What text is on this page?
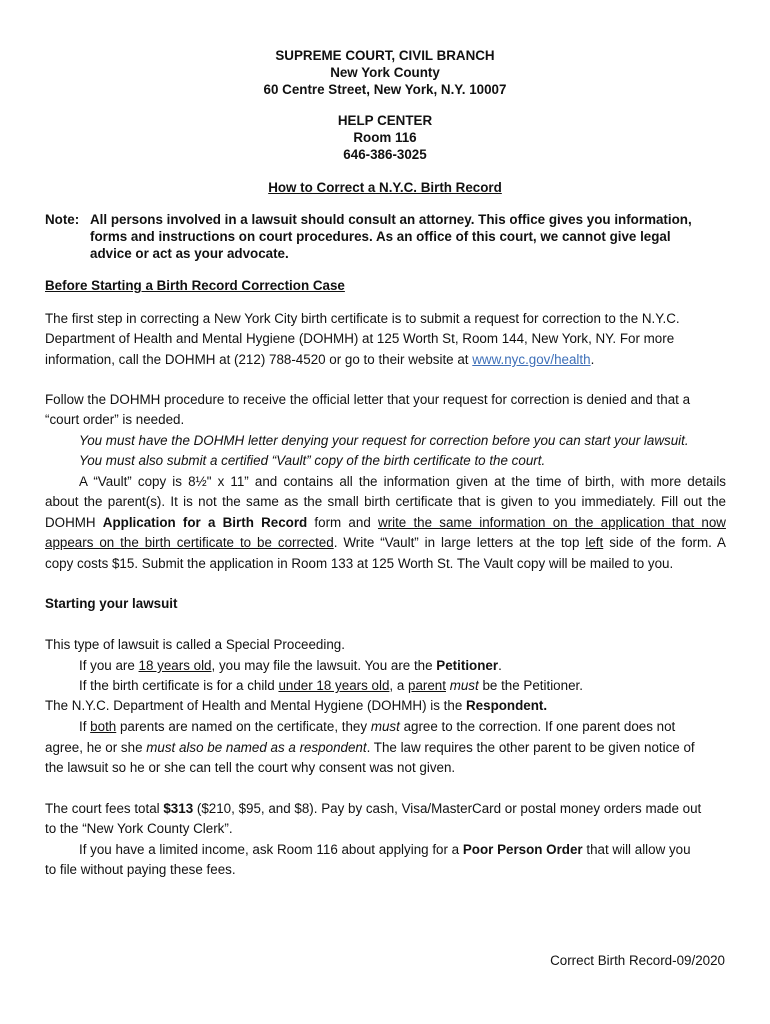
SUPREME COURT, CIVIL BRANCH
New York County
60 Centre Street, New York, N.Y. 10007
HELP CENTER
Room 116
646-386-3025
How to Correct a N.Y.C. Birth Record
Note: All persons involved in a lawsuit should consult an attorney. This office gives you information,
forms and instructions on court procedures. As an office of this court, we cannot give legal
advice or act as your advocate.
Before Starting a Birth Record Correction Case
The first step in correcting a New York City birth certificate is to submit a request for correction to the N.Y.C.
Department of Health and Mental Hygiene (DOHMH) at 125 Worth St, Room 144, New York, NY. For more
information, call the DOHMH at (212) 788-4520 or go to their website at www.nyc.gov/health.
Follow the DOHMH procedure to receive the official letter that your request for correction is denied and that a
“court order” is needed.
You must have the DOHMH letter denying your request for correction before you can start your lawsuit.
You must also submit a certified “Vault” copy of the birth certificate to the court.
A “Vault” copy is 8½" x 11” and contains all the information given at the time of birth, with more details
about the parent(s). It is not the same as the small birth certificate that is given to you immediately. Fill out the
DOHMH Application for a Birth Record form and write the same information on the application that now
appears on the birth certificate to be corrected. Write “Vault” in large letters at the top left side of the form. A
copy costs $15. Submit the application in Room 133 at 125 Worth St. The Vault copy will be mailed to you.
Starting your lawsuit
This type of lawsuit is called a Special Proceeding.
If you are 18 years old, you may file the lawsuit. You are the Petitioner.
If the birth certificate is for a child under 18 years old, a parent must be the Petitioner.
The N.Y.C. Department of Health and Mental Hygiene (DOHMH) is the Respondent.
If both parents are named on the certificate, they must agree to the correction. If one parent does not
agree, he or she must also be named as a respondent. The law requires the other parent to be given notice of
the lawsuit so he or she can tell the court why consent was not given.
The court fees total $313 ($210, $95, and $8). Pay by cash, Visa/MasterCard or postal money orders made out
to the “New York County Clerk”.
If you have a limited income, ask Room 116 about applying for a Poor Person Order that will allow you
to file without paying these fees.
Correct Birth Record-09/2020
